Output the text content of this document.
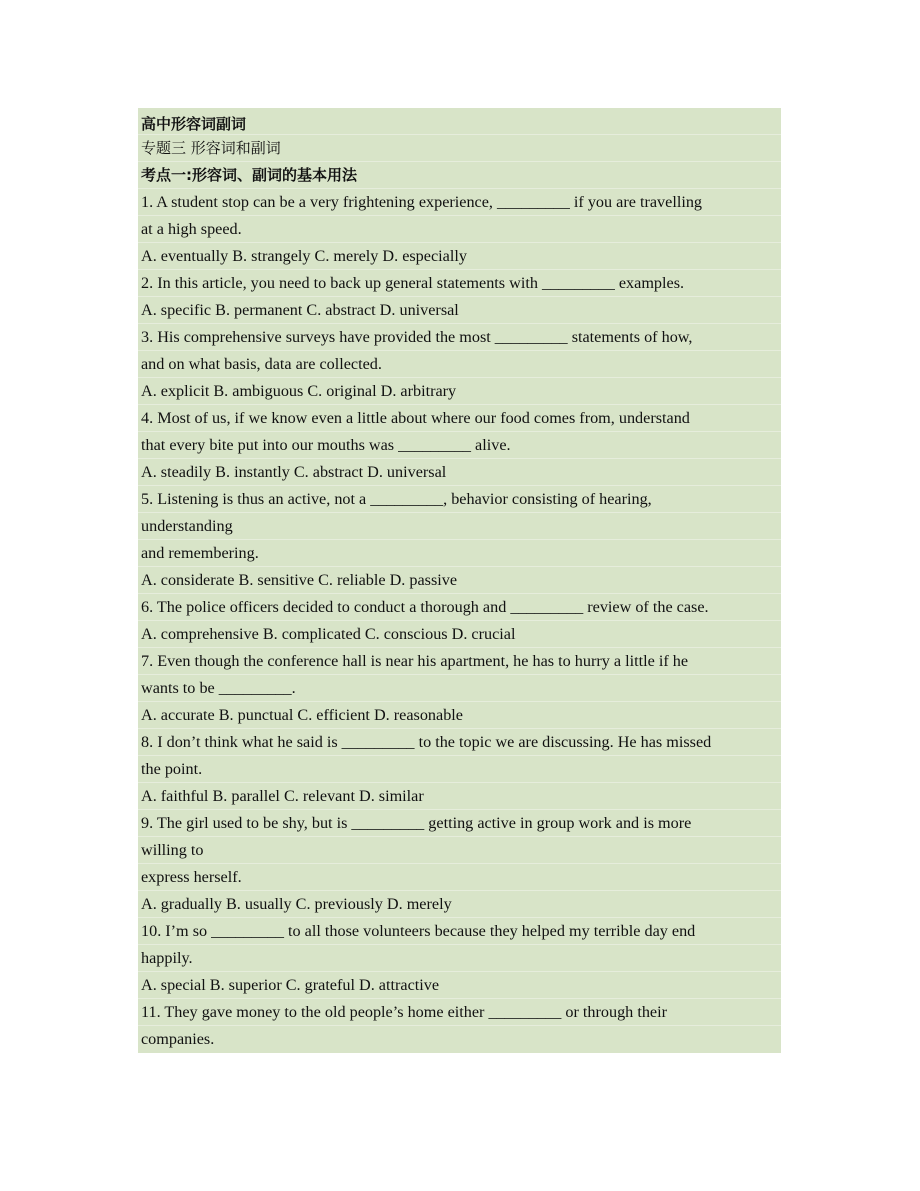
高中形容词副词
专题三 形容词和副词
考点一:形容词、副词的基本用法
1. A student stop can be a very frightening experience, _________ if you are travelling
at a high speed.
A. eventually B. strangely C. merely D. especially
2. In this article, you need to back up general statements with _________ examples.
A. specific B. permanent C. abstract D. universal
3. His comprehensive surveys have provided the most _________ statements of how,
and on what basis, data are collected.
A. explicit B. ambiguous C. original D. arbitrary
4. Most of us, if we know even a little about where our food comes from, understand
that every bite put into our mouths was _________ alive.
A. steadily B. instantly C. abstract D. universal
5. Listening is thus an active, not a _________, behavior consisting of hearing,
understanding
and remembering.
A. considerate B. sensitive C. reliable D. passive
6. The police officers decided to conduct a thorough and _________ review of the case.
A. comprehensive B. complicated C. conscious D. crucial
7. Even though the conference hall is near his apartment, he has to hurry a little if he
wants to be _________.
A. accurate B. punctual C. efficient D. reasonable
8. I don’t think what he said is _________ to the topic we are discussing. He has missed
the point.
A. faithful B. parallel C. relevant D. similar
9. The girl used to be shy, but is _________ getting active in group work and is more
willing to
express herself.
A. gradually B. usually C. previously D. merely
10. I’m so _________ to all those volunteers because they helped my terrible day end
happily.
A. special B. superior C. grateful D. attractive
11. They gave money to the old people’s home either _________ or through their
companies.
